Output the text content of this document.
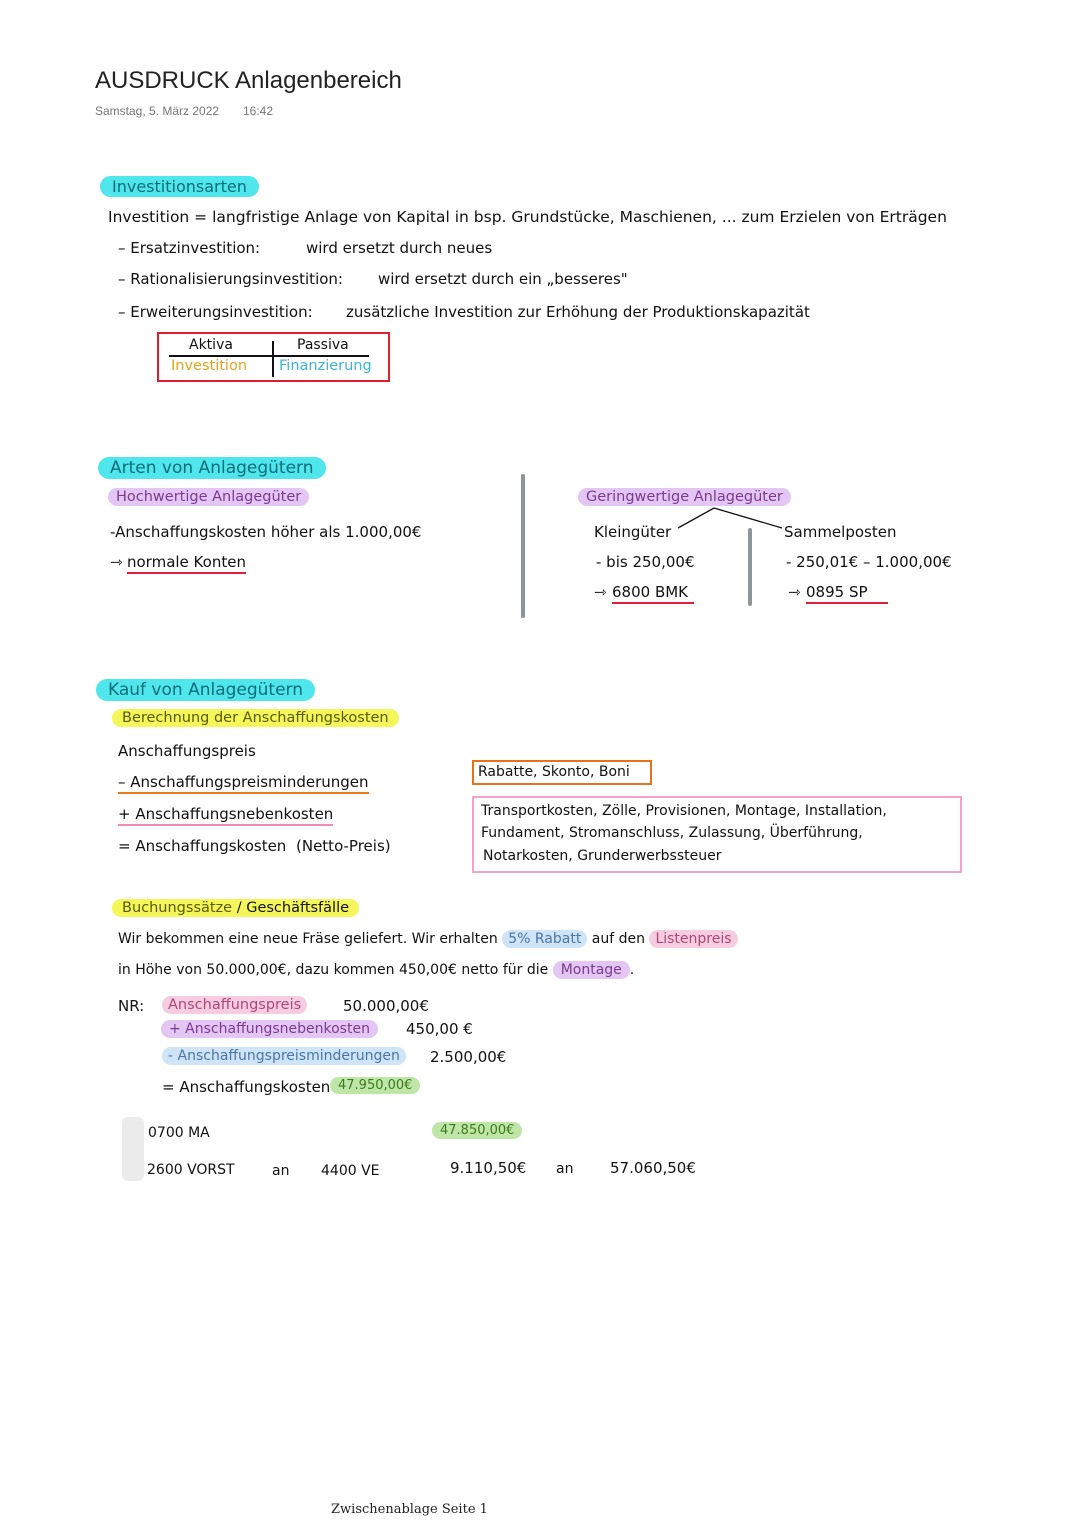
AUSDRUCK Anlagenbereich
Samstag, 5. März 2022 16:42
Investitionsarten
Investition = langfristige Anlage von Kapital in bsp. Grundstücke, Maschienen, ... zum Erzielen von Erträgen
– Ersatzinvestition:	wird ersetzt durch neues
– Rationalisierungsinvestition: wird ersetzt durch ein „besseres"
– Erweiterungsinvestition: zusätzliche Investition zur Erhöhung der Produktionskapazität
Aktiva	Passiva
Investition Finanzierung
Arten von Anlagegütern
Hochwertige Anlagegüter
-Anschaffungskosten höher als 1.000,00€
⇾ normale Konten
Geringwertige Anlagegüter
Kleingüter
- bis 250,00€
⇾ 6800 BMK
Sammelposten
- 250,01€ – 1.000,00€
⇾ 0895 SP
Kauf von Anlagegütern
Berechnung der Anschaffungskosten
Anschaffungspreis
– Anschaffungspreisminderungen
+ Anschaffungsnebenkosten
= Anschaffungskosten (Netto-Preis)
Rabatte, Skonto, Boni
Transportkosten, Zölle, Provisionen, Montage, Installation,
Fundament, Stromanschluss, Zulassung, Überführung,
Notarkosten, Grunderwerbssteuer
Buchungssätze / Geschäftsfälle
Wir bekommen eine neue Fräse geliefert. Wir erhalten 5% Rabatt auf den Listenpreis
in Höhe von 50.000,00€, dazu kommen 450,00€ netto für die Montage .
NR:	Anschaffungspreis	50.000,00€
+ Anschaffungsnebenkosten	450,00 €
- Anschaffungspreisminderungen	2.500,00€
= Anschaffungskosten 47.950,00€
0700 MA	47.850,00€
2600 VORST	an 4400 VE	9.110,50€ an 57.060,50€
Zwischenablage Seite 1
